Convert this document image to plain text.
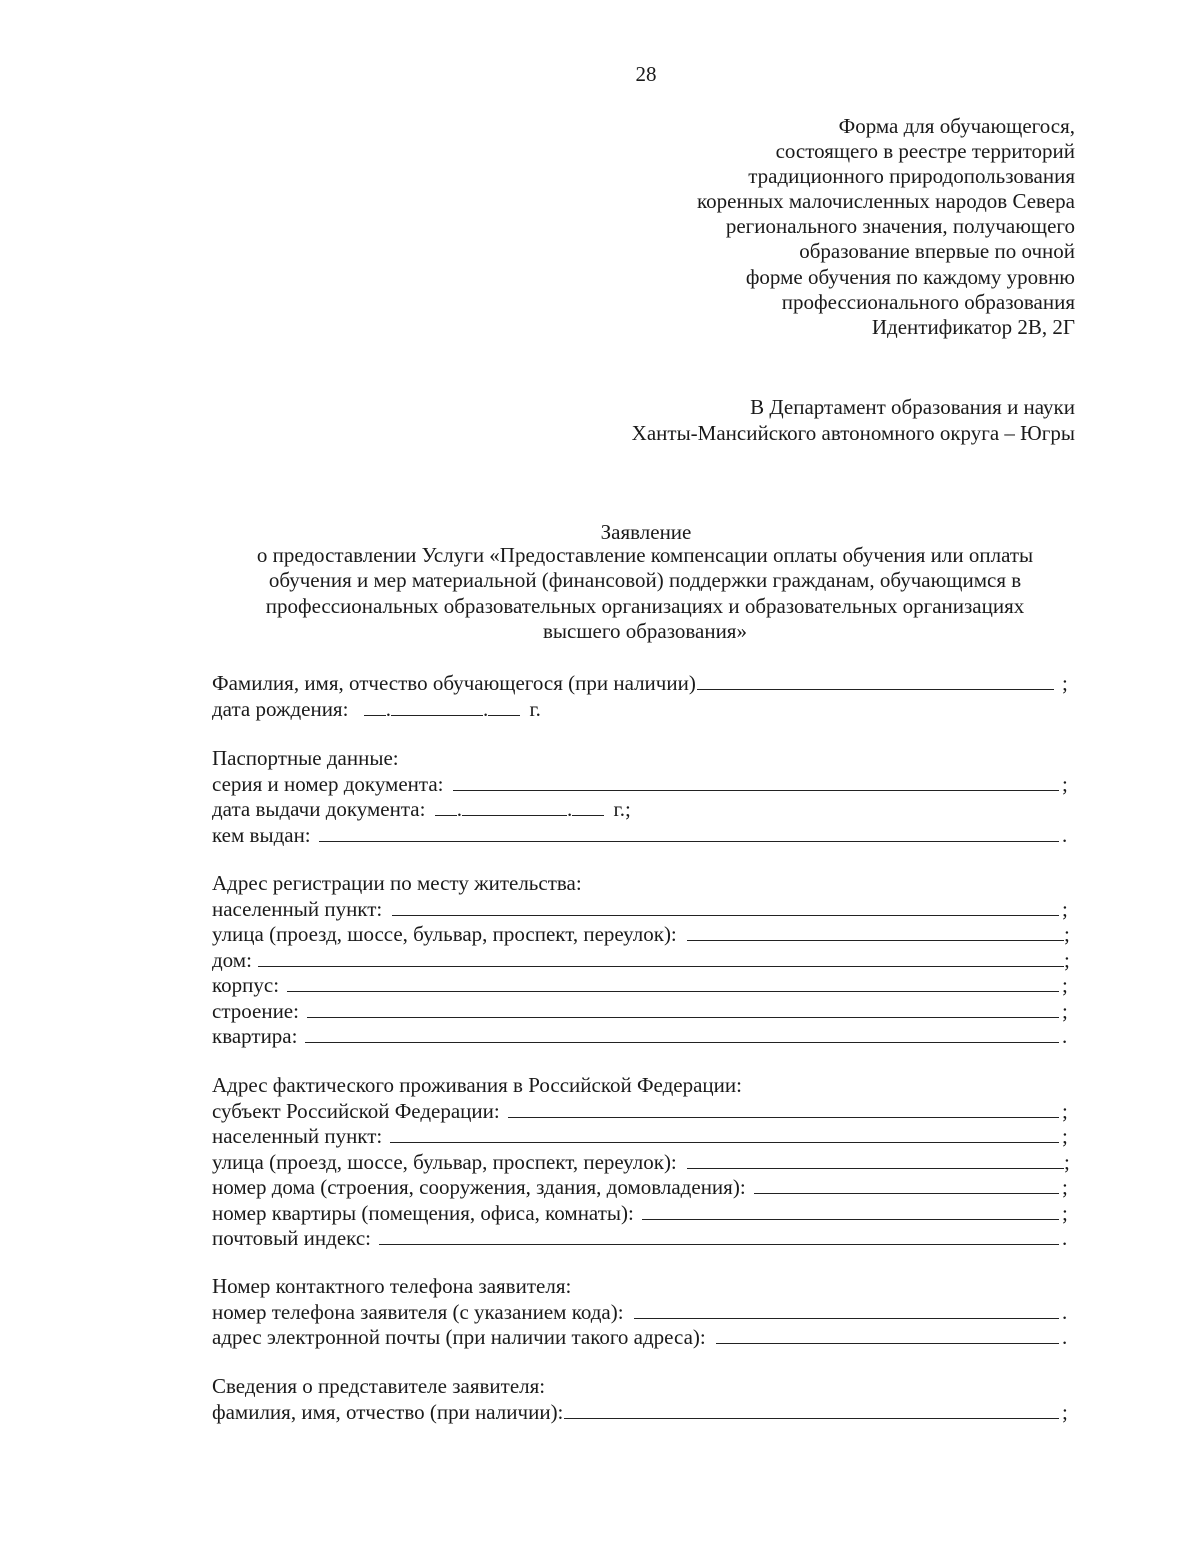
28
Форма для обучающегося,
состоящего в реестре территорий
традиционного природопользования
коренных малочисленных народов Севера
регионального значения, получающего
образование впервые по очной
форме обучения по каждому уровню
профессионального образования
Идентификатор 2В, 2Г
В Департамент образования и науки
Ханты-Мансийского автономного округа – Югры
Заявление
о предоставлении Услуги «Предоставление компенсации оплаты обучения или оплаты
обучения и мер материальной (финансовой) поддержки гражданам, обучающимся в
профессиональных образовательных организациях и образовательных организациях
высшего образования»
Фамилия, имя, отчество обучающегося (при наличии)	;
дата рождения: .	. г.
Паспортные данные:
серия и номер документа:	;
дата выдачи документа: .	. г.;
кем выдан:	.
Адрес регистрации по месту жительства:
населенный пункт:	;
улица (проезд, шоссе, бульвар, проспект, переулок):	;
дом:	;
корпус:	;
строение:	;
квартира:	.
Адрес фактического проживания в Российской Федерации:
субъект Российской Федерации:	;
населенный пункт:	;
улица (проезд, шоссе, бульвар, проспект, переулок):	;
номер дома (строения, сооружения, здания, домовладения):	;
номер квартиры (помещения, офиса, комнаты):	;
почтовый индекс:	.
Номер контактного телефона заявителя:
номер телефона заявителя (с указанием кода):	.
адрес электронной почты (при наличии такого адреса):	.
Сведения о представителе заявителя:
фамилия, имя, отчество (при наличии):	;
